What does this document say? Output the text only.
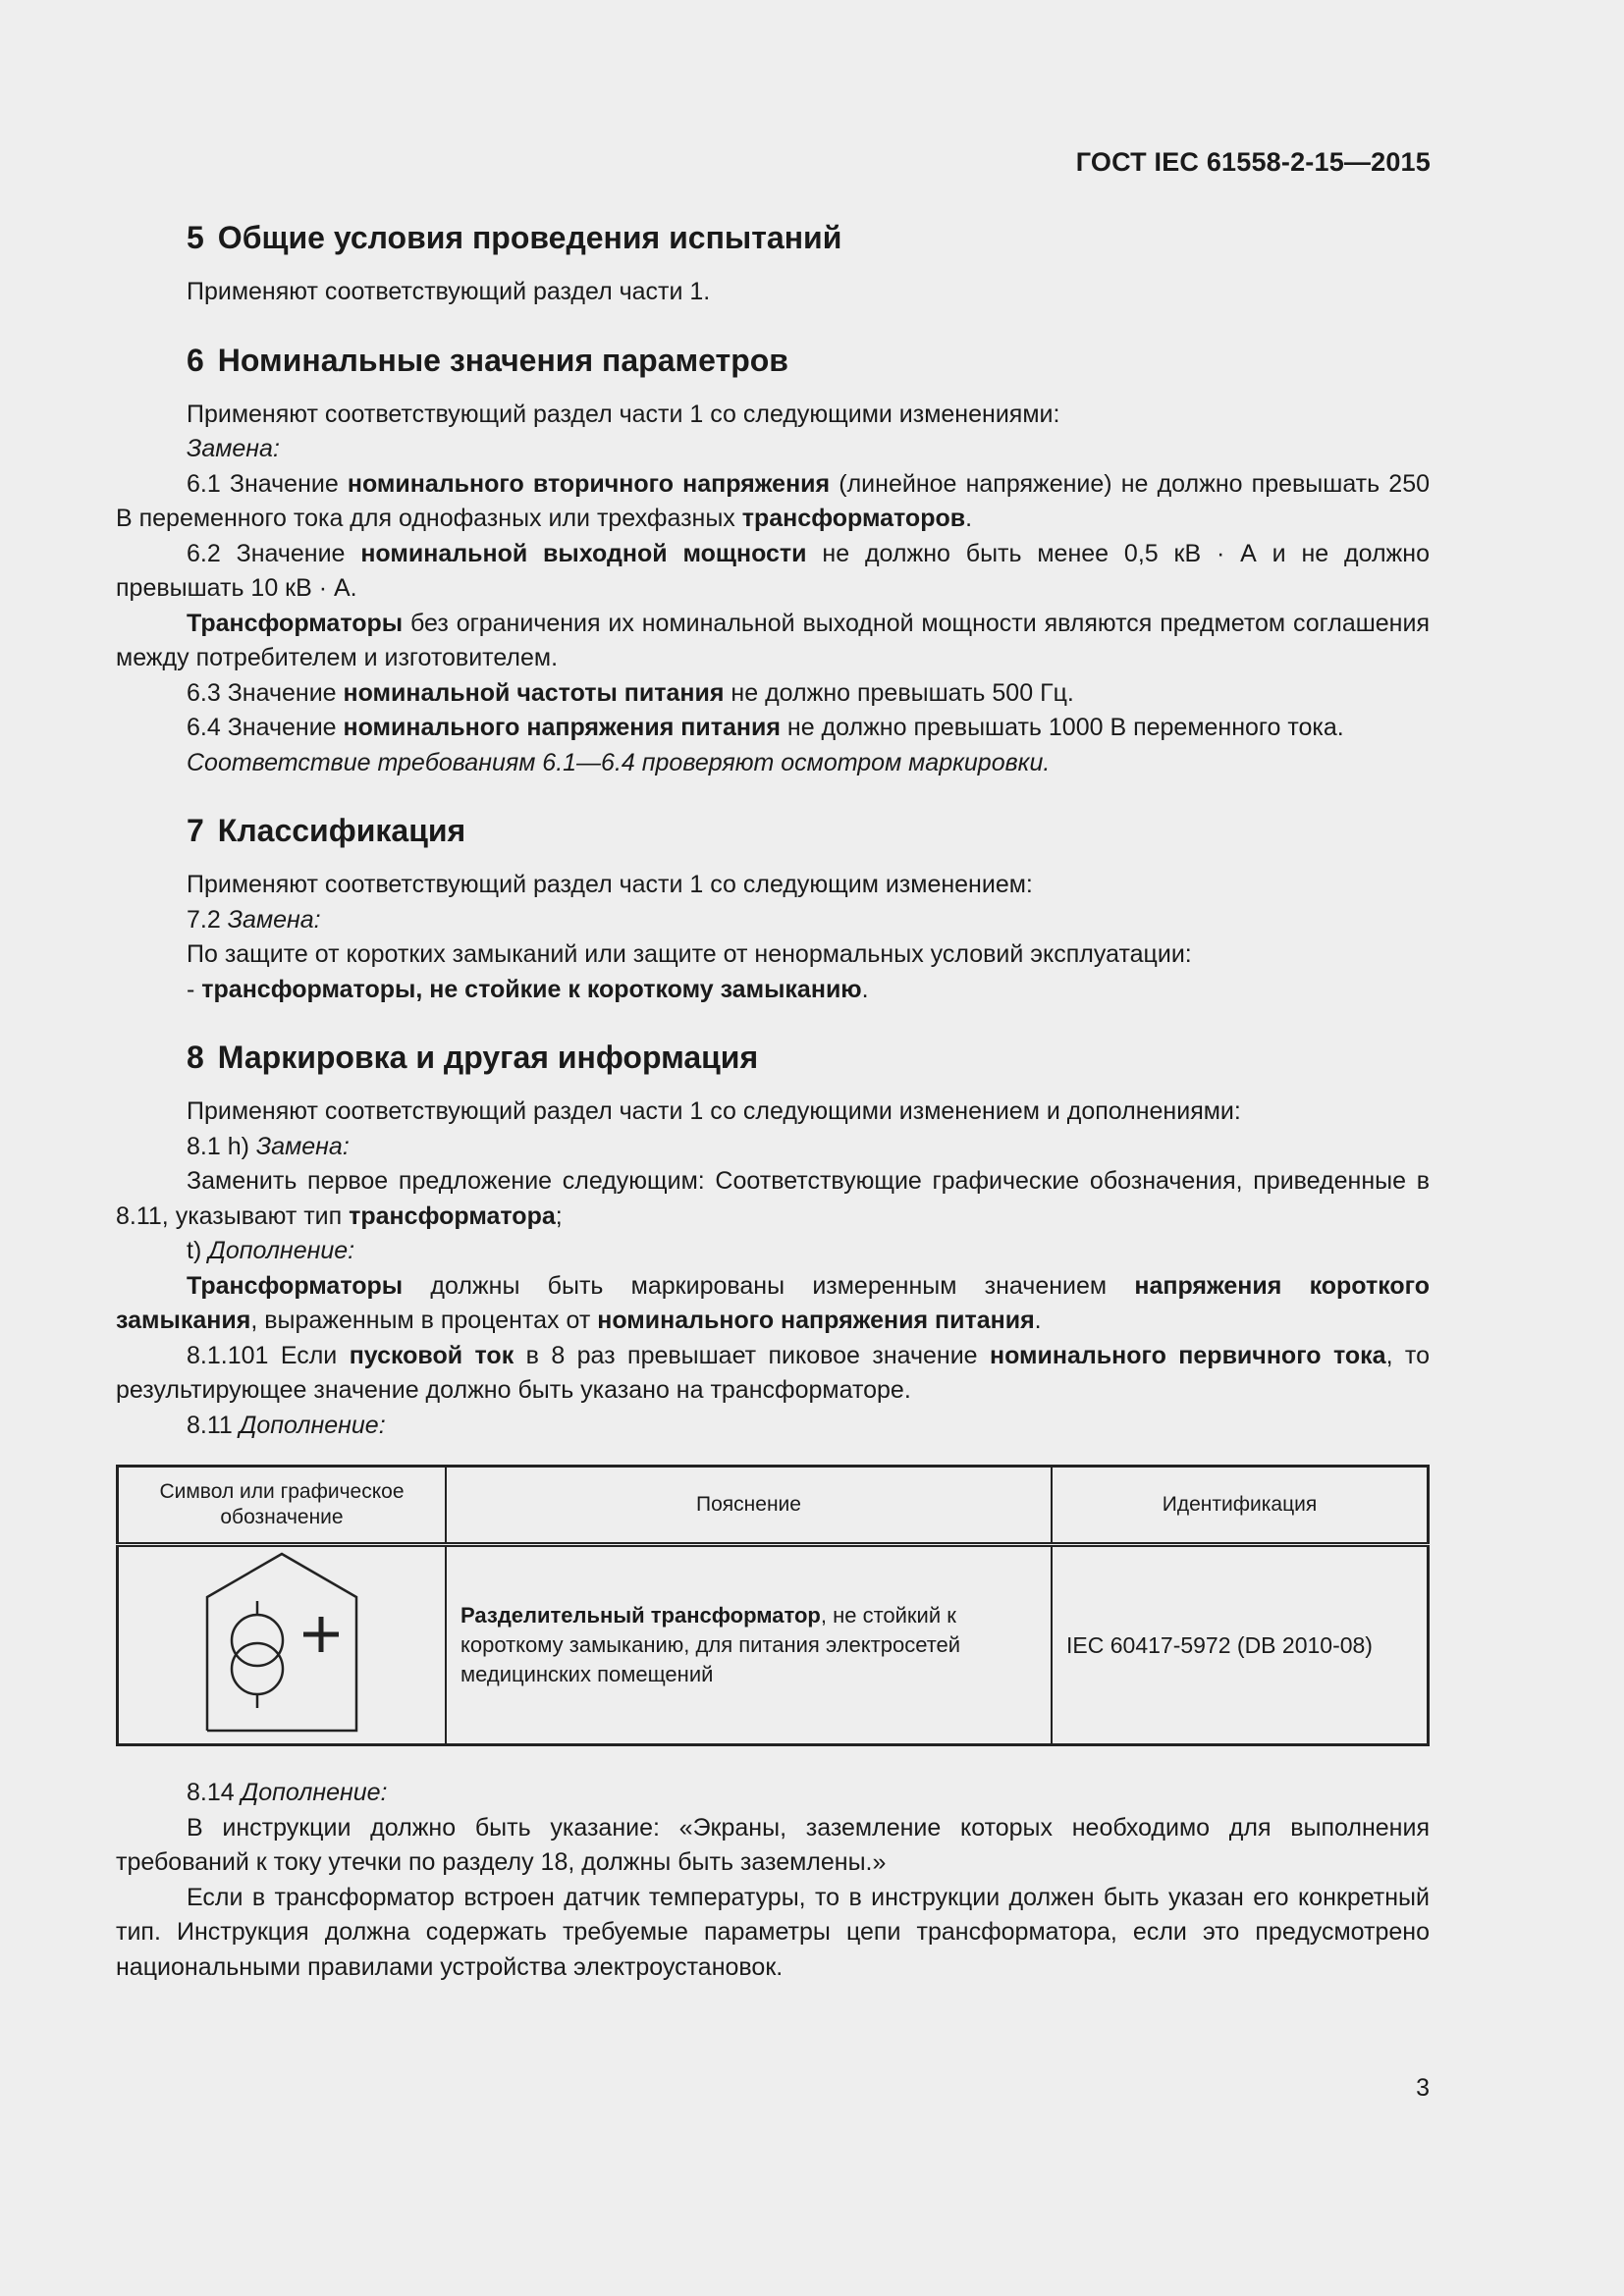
ГОСТ IEC 61558-2-15—2015
5 Общие условия проведения испытаний

Применяют соответствующий раздел части 1.

6 Номинальные значения параметров

Применяют соответствующий раздел части 1 со следующими изменениями:

Замена:

6.1 Значение номинального вторичного напряжения (линейное напряжение) не должно превышать 250 В переменного тока для однофазных или трехфазных трансформаторов.

6.2 Значение номинальной выходной мощности не должно быть менее 0,5 кВ · А и не должно превышать 10 кВ · А.

Трансформаторы без ограничения их номинальной выходной мощности являются предметом соглашения между потребителем и изготовителем.

6.3 Значение номинальной частоты питания не должно превышать 500 Гц.

6.4 Значение номинального напряжения питания не должно превышать 1000 В переменного тока.

Соответствие требованиям 6.1—6.4 проверяют осмотром маркировки.

7 Классификация

Применяют соответствующий раздел части 1 со следующим изменением:

7.2 Замена:

По защите от коротких замыканий или защите от ненормальных условий эксплуатации:

- трансформаторы, не стойкие к короткому замыканию.

8 Маркировка и другая информация

Применяют соответствующий раздел части 1 со следующими изменением и дополнениями:

8.1 h) Замена:

Заменить первое предложение следующим: Соответствующие графические обозначения, приведенные в 8.11, указывают тип трансформатора;

t) Дополнение:

Трансформаторы должны быть маркированы измеренным значением напряжения короткого замыкания, выраженным в процентах от номинального напряжения питания.

8.1.101 Если пусковой ток в 8 раз превышает пиковое значение номинального первичного тока, то результирующее значение должно быть указано на трансформаторе.

8.11 Дополнение:

Символ или графическое обозначение	Пояснение	Идентификация
	Разделительный трансформатор, не стойкий к короткому замыканию, для питания электросетей медицинских помещений	IEC 60417-5972 (DB 2010-08)

8.14 Дополнение:

В инструкции должно быть указание: «Экраны, заземление которых необходимо для выполнения требований к току утечки по разделу 18, должны быть заземлены.»

Если в трансформатор встроен датчик температуры, то в инструкции должен быть указан его конкретный тип. Инструкция должна содержать требуемые параметры цепи трансформатора, если это предусмотрено национальными правилами устройства электроустановок.

3
